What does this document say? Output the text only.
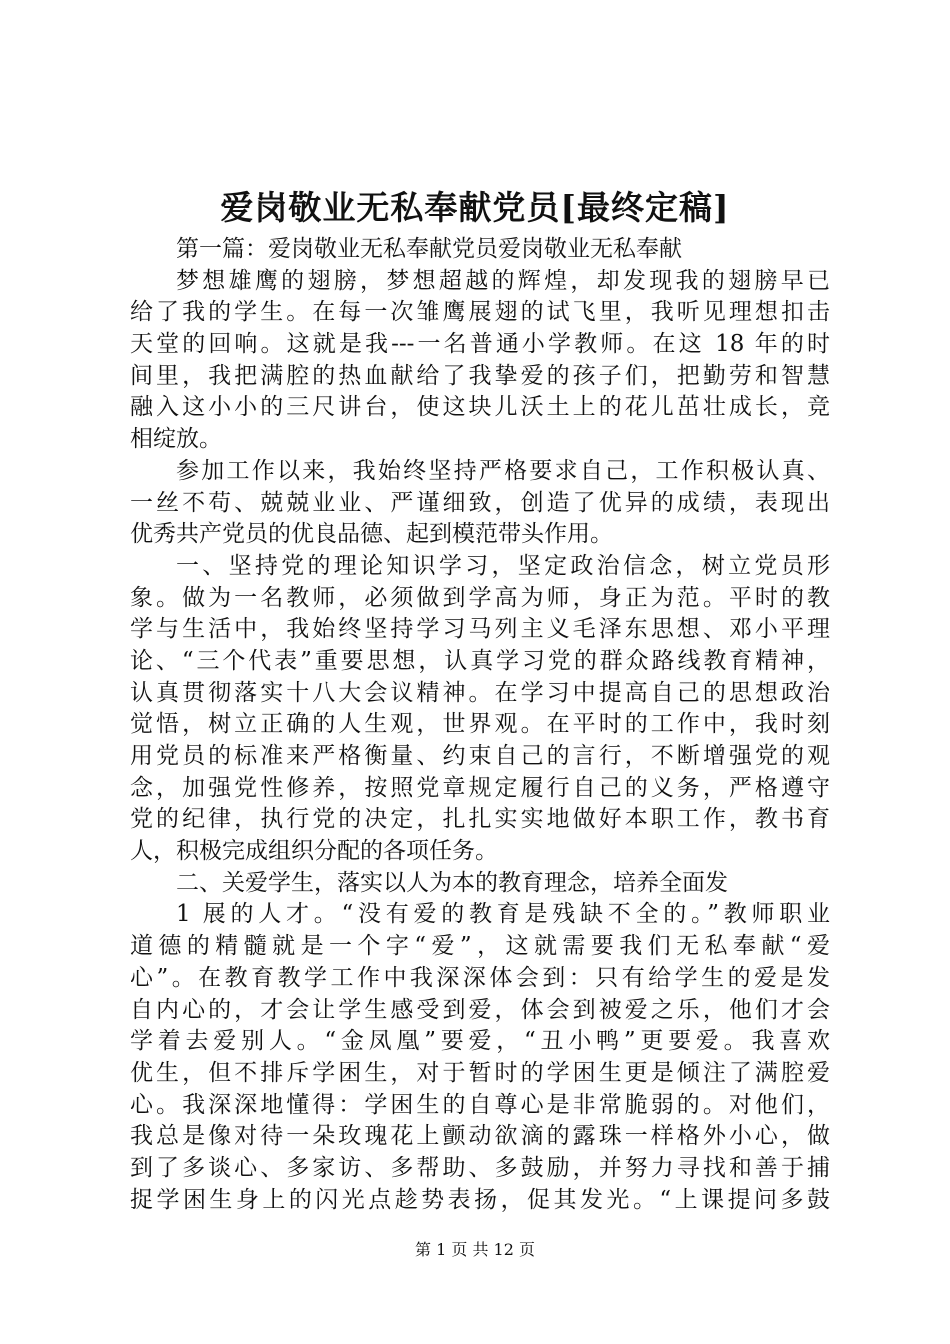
爱岗敬业无私奉献党员[最终定稿]
第一篇：爱岗敬业无私奉献党员爱岗敬业无私奉献
梦想雄鹰的翅膀，梦想超越的辉煌，却发现我的翅膀早已
给了我的学生。在每一次雏鹰展翅的试飞里，我听见理想扣击
天堂的回响。这就是我---一名普通小学教师。在这 18 年的时
间里，我把满腔的热血献给了我挚爱的孩子们，把勤劳和智慧
融入这小小的三尺讲台，使这块儿沃土上的花儿茁壮成长，竞
相绽放。
参加工作以来，我始终坚持严格要求自己，工作积极认真、
一丝不苟、兢兢业业、严谨细致，创造了优异的成绩，表现出
优秀共产党员的优良品德、起到模范带头作用。
一、坚持党的理论知识学习，坚定政治信念，树立党员形
象。做为一名教师，必须做到学高为师，身正为范。平时的教
学与生活中，我始终坚持学习马列主义毛泽东思想、邓小平理
论、“三个代表”重要思想，认真学习党的群众路线教育精神，
认真贯彻落实十八大会议精神。在学习中提高自己的思想政治
觉悟，树立正确的人生观，世界观。在平时的工作中，我时刻
用党员的标准来严格衡量、约束自己的言行，不断增强党的观
念，加强党性修养，按照党章规定履行自己的义务，严格遵守
党的纪律，执行党的决定，扎扎实实地做好本职工作，教书育
人，积极完成组织分配的各项任务。
二、关爱学生，落实以人为本的教育理念，培养全面发
1 展的人才。“没有爱的教育是残缺不全的。”教师职业
道德的精髓就是一个字“爱”，这就需要我们无私奉献“爱
心”。在教育教学工作中我深深体会到：只有给学生的爱是发
自内心的，才会让学生感受到爱，体会到被爱之乐，他们才会
学着去爱别人。“金凤凰”要爱，“丑小鸭”更要爱。我喜欢
优生，但不排斥学困生，对于暂时的学困生更是倾注了满腔爱
心。我深深地懂得：学困生的自尊心是非常脆弱的。对他们，
我总是像对待一朵玫瑰花上颤动欲滴的露珠一样格外小心，做
到了多谈心、多家访、多帮助、多鼓励，并努力寻找和善于捕
捉学困生身上的闪光点趁势表扬，促其发光。“上课提问多鼓
第 1 页 共 12 页
